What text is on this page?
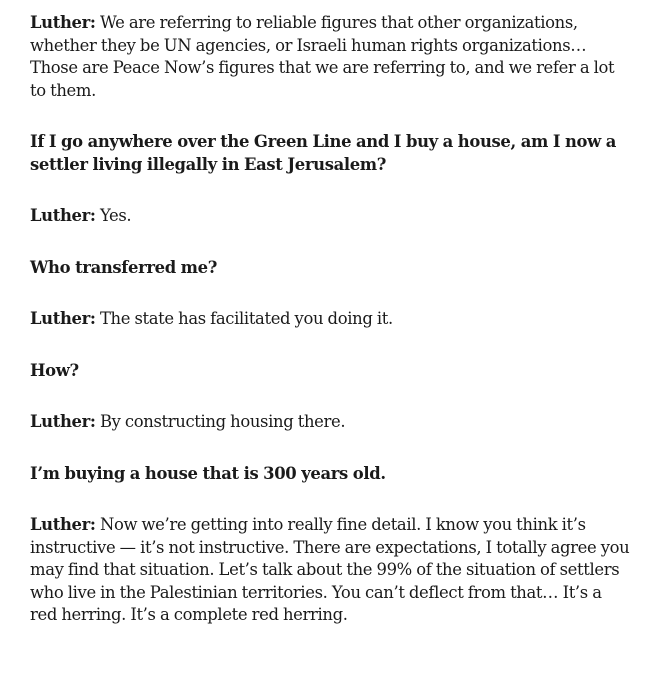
Luther: We are referring to reliable figures that other organizations, whether they be UN agencies, or Israeli human rights organizations… Those are Peace Now’s figures that we are referring to, and we refer a lot to them.

If I go anywhere over the Green Line and I buy a house, am I now a settler living illegally in East Jerusalem?

Luther: Yes.

Who transferred me?

Luther: The state has facilitated you doing it.

How?

Luther: By constructing housing there.

I’m buying a house that is 300 years old.

Luther: Now we’re getting into really fine detail. I know you think it’s instructive — it’s not instructive. There are expectations, I totally agree you may find that situation. Let’s talk about the 99% of the situation of settlers who live in the Palestinian territories. You can’t deflect from that… It’s a red herring. It’s a complete red herring.
